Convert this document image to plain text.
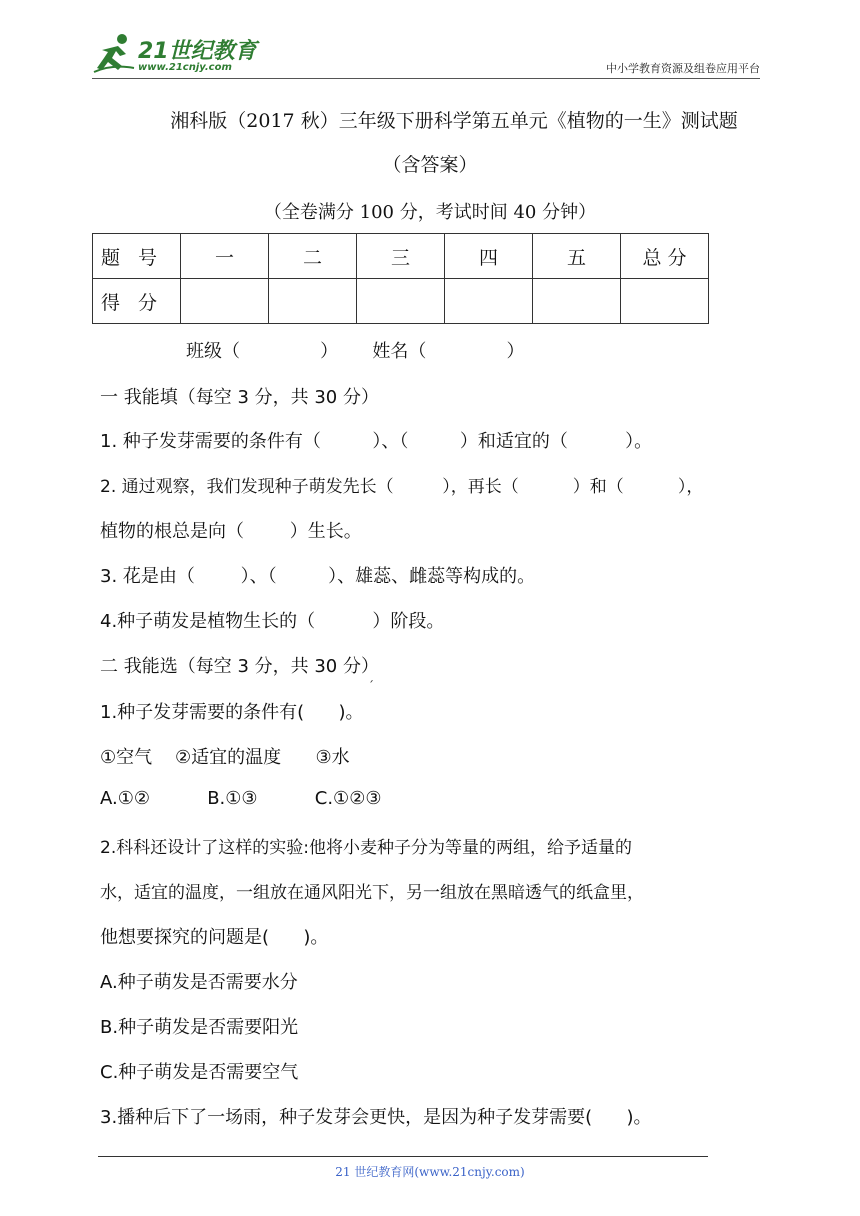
21世纪教育
www.21cnjy.com	中小学教育资源及组卷应用平台
湘科版（2017 秋）三年级下册科学第五单元《植物的一生》测试题
（含答案）
（全卷满分 100 分，考试时间 40 分钟）
题 号	一	二	三	四	五	总 分
得 分						
班级（              ）      姓名（              ）
一 我能填（每空 3 分，共 30 分）
1. 种子发芽需要的条件有（         ）、（         ）和适宜的（          ）。
2. 通过观察，我们发现种子萌发先长（         ），再长（          ）和（          ），
植物的根总是向（        ）生长。
3. 花是由（        ）、（         ）、雄蕊、雌蕊等构成的。
4.种子萌发是植物生长的（          ）阶段。
二 我能选（每空 3 分，共 30 分）
ˊ
1.种子发芽需要的条件有(      )。
①空气    ②适宜的温度      ③水
A.①②          B.①③          C.①②③
2.科科还设计了这样的实验:他将小麦种子分为等量的两组，给予适量的
水，适宜的温度，一组放在通风阳光下，另一组放在黑暗透气的纸盒里，
他想要探究的问题是(      )。
A.种子萌发是否需要水分
B.种子萌发是否需要阳光
C.种子萌发是否需要空气
3.播种后下了一场雨，种子发芽会更快，是因为种子发芽需要(      )。
21 世纪教育网(www.21cnjy.com)
